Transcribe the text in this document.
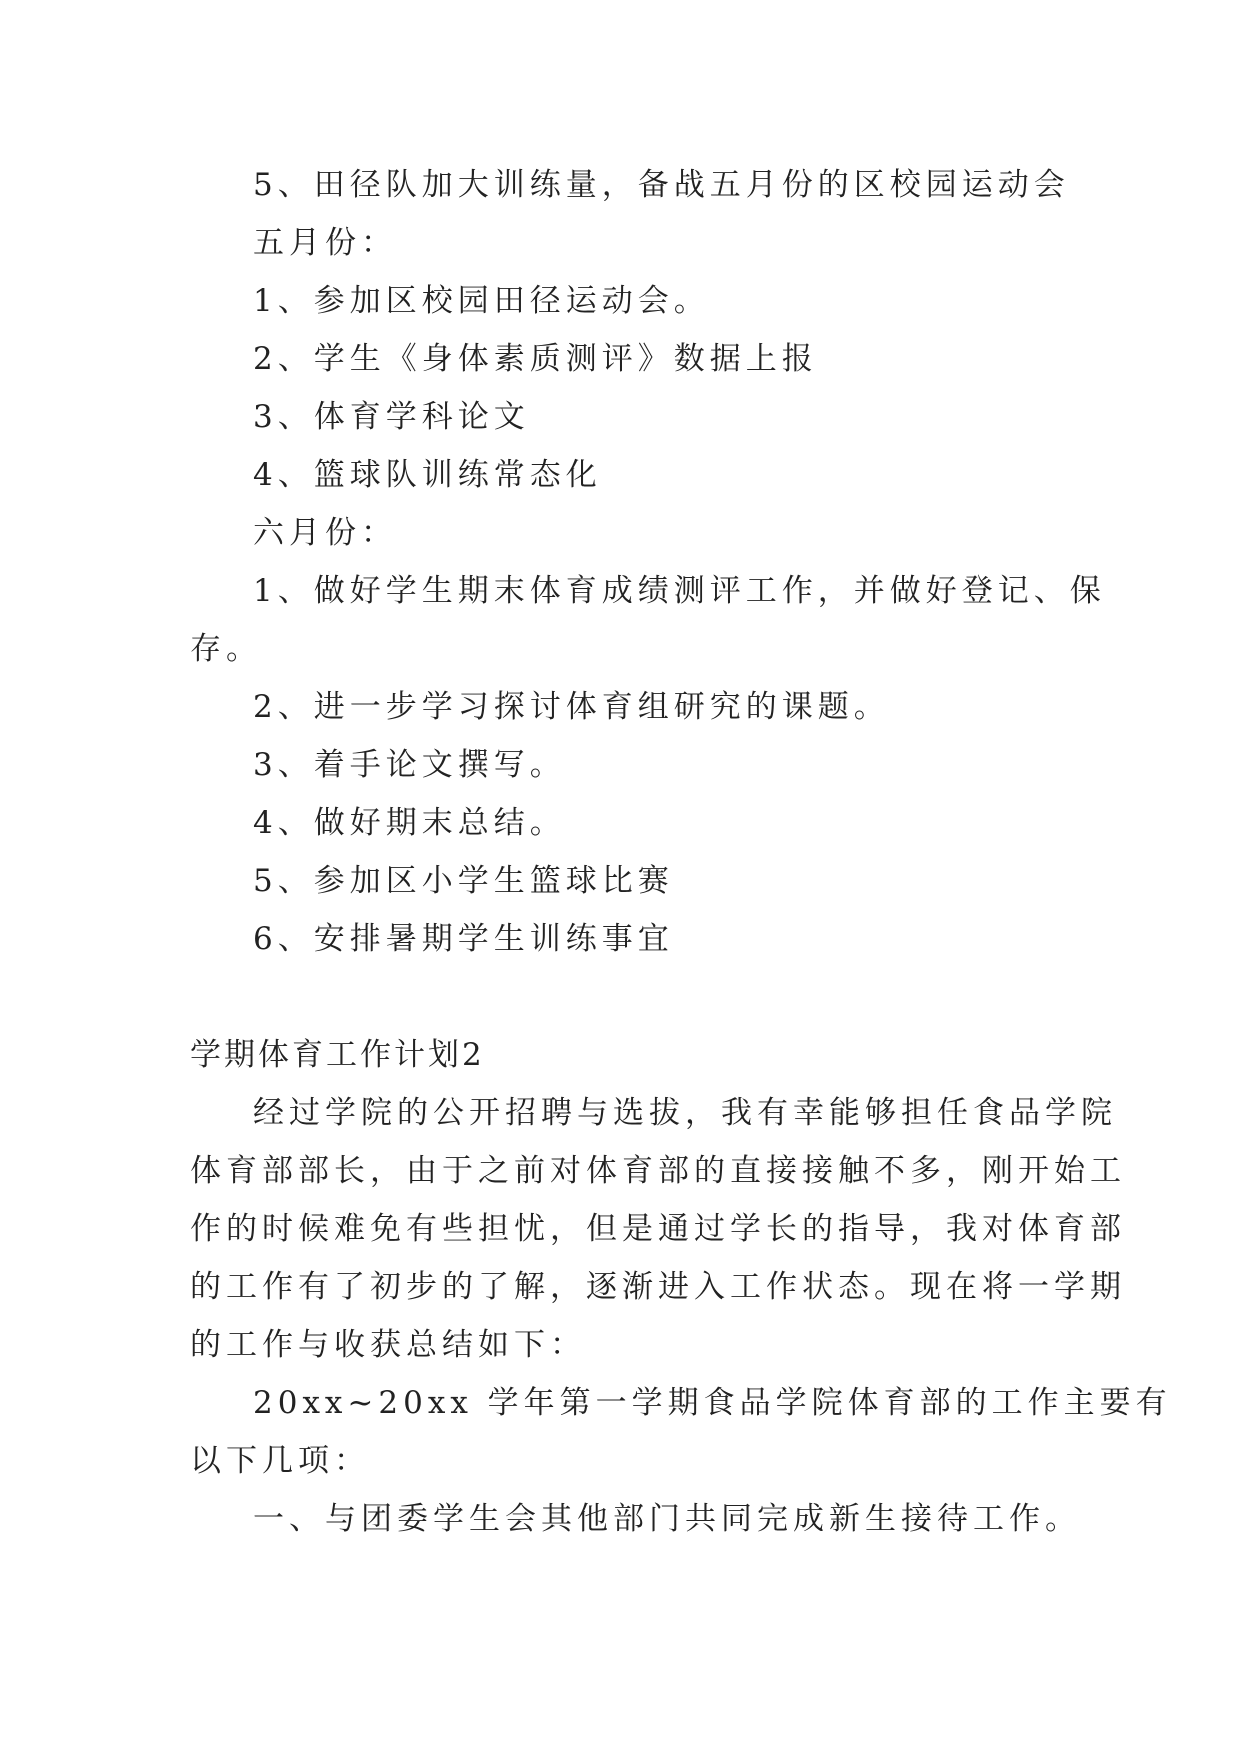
5、田径队加大训练量，备战五月份的区校园运动会
五月份：
1、参加区校园田径运动会。
2、学生《身体素质测评》数据上报
3、体育学科论文
4、篮球队训练常态化
六月份：
1、做好学生期末体育成绩测评工作，并做好登记、保
存。
2、进一步学习探讨体育组研究的课题。
3、着手论文撰写。
4、做好期末总结。
5、参加区小学生篮球比赛
6、安排暑期学生训练事宜
学期体育工作计划2
经过学院的公开招聘与选拔，我有幸能够担任食品学院
体育部部长，由于之前对体育部的直接接触不多，刚开始工
作的时候难免有些担忧，但是通过学长的指导，我对体育部
的工作有了初步的了解，逐渐进入工作状态。现在将一学期
的工作与收获总结如下：
20xx~20xx 学年第一学期食品学院体育部的工作主要有
以下几项：
一、与团委学生会其他部门共同完成新生接待工作。
